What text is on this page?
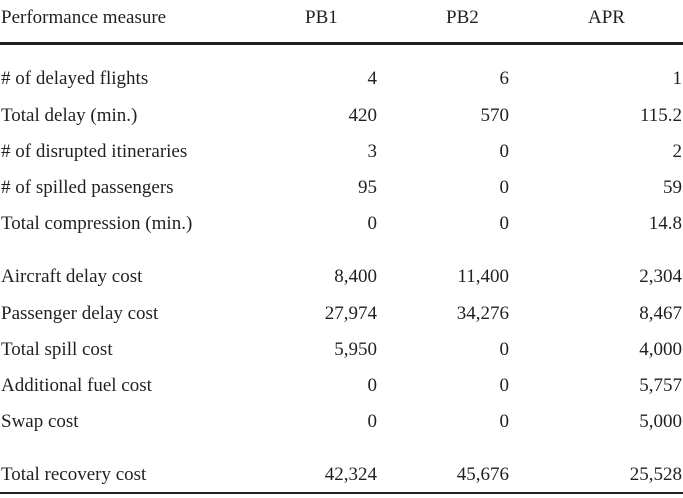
Performance measure	PB1	PB2	APR
# of delayed flights	4	6	1
Total delay (min.)	420	570	115.2
# of disrupted itineraries	3	0	2
# of spilled passengers	95	0	59
Total compression (min.)	0	0	14.8
Aircraft delay cost	8,400	11,400	2,304
Passenger delay cost	27,974	34,276	8,467
Total spill cost	5,950	0	4,000
Additional fuel cost	0	0	5,757
Swap cost	0	0	5,000
Total recovery cost	42,324	45,676	25,528
